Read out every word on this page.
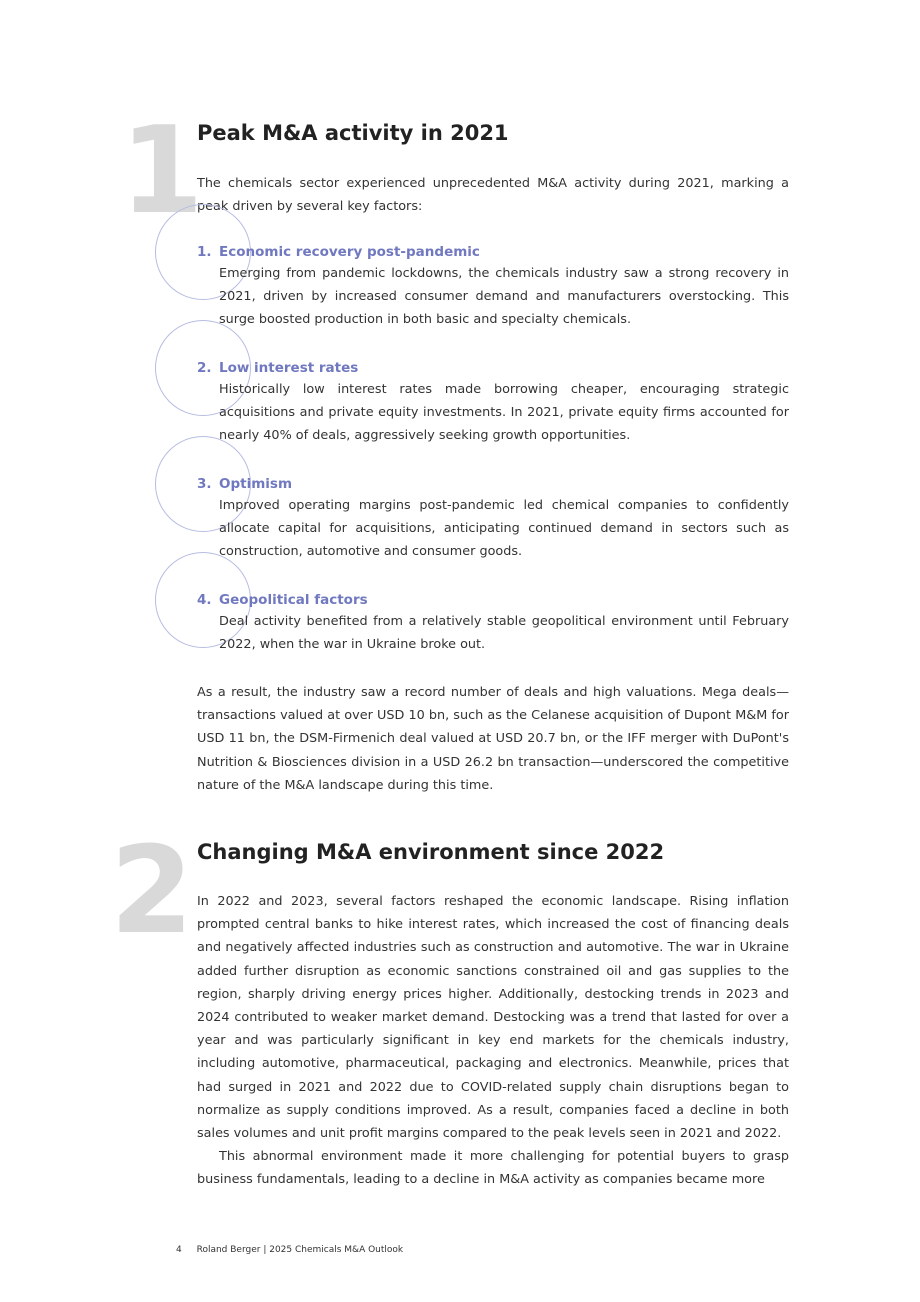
1
Peak M&A activity in 2021

The chemicals sector experienced unprecedented M&A activity during 2021, marking a peak driven by several key factors:

1. Economic recovery post-pandemic

Emerging from pandemic lockdowns, the chemicals industry saw a strong recovery in 2021, driven by increased consumer demand and manufacturers overstocking. This surge boosted production in both basic and specialty chemicals.

2. Low interest rates

Historically low interest rates made borrowing cheaper, encouraging strategic acquisitions and private equity investments. In 2021, private equity firms accounted for nearly 40% of deals, aggressively seeking growth opportunities.

3. Optimism

Improved operating margins post-pandemic led chemical companies to confidently allocate capital for acquisitions, anticipating continued demand in sectors such as construction, automotive and consumer goods.

4. Geopolitical factors

Deal activity benefited from a relatively stable geopolitical environment until February 2022, when the war in Ukraine broke out.

As a result, the industry saw a record number of deals and high valuations. Mega deals—transactions valued at over USD 10 bn, such as the Celanese acquisition of Dupont M&M for USD 11 bn, the DSM-Firmenich deal valued at USD 20.7 bn, or the IFF merger with DuPont's Nutrition & Biosciences division in a USD 26.2 bn transaction—underscored the competitive nature of the M&A landscape during this time.

2 Changing M&A environment since 2022

In 2022 and 2023, several factors reshaped the economic landscape. Rising inflation prompted central banks to hike interest rates, which increased the cost of financing deals and negatively affected industries such as construction and automotive. The war in Ukraine added further disruption as economic sanctions constrained oil and gas supplies to the region, sharply driving energy prices higher. Additionally, destocking trends in 2023 and 2024 contributed to weaker market demand. Destocking was a trend that lasted for over a year and was particularly significant in key end markets for the chemicals industry, including automotive, pharmaceutical, packaging and electronics. Meanwhile, prices that had surged in 2021 and 2022 due to COVID-related supply chain disruptions began to normalize as supply conditions improved. As a result, companies faced a decline in both sales volumes and unit profit margins compared to the peak levels seen in 2021 and 2022.

This abnormal environment made it more challenging for potential buyers to grasp business fundamentals, leading to a decline in M&A activity as companies became more

4 Roland Berger | 2025 Chemicals M&A Outlook
